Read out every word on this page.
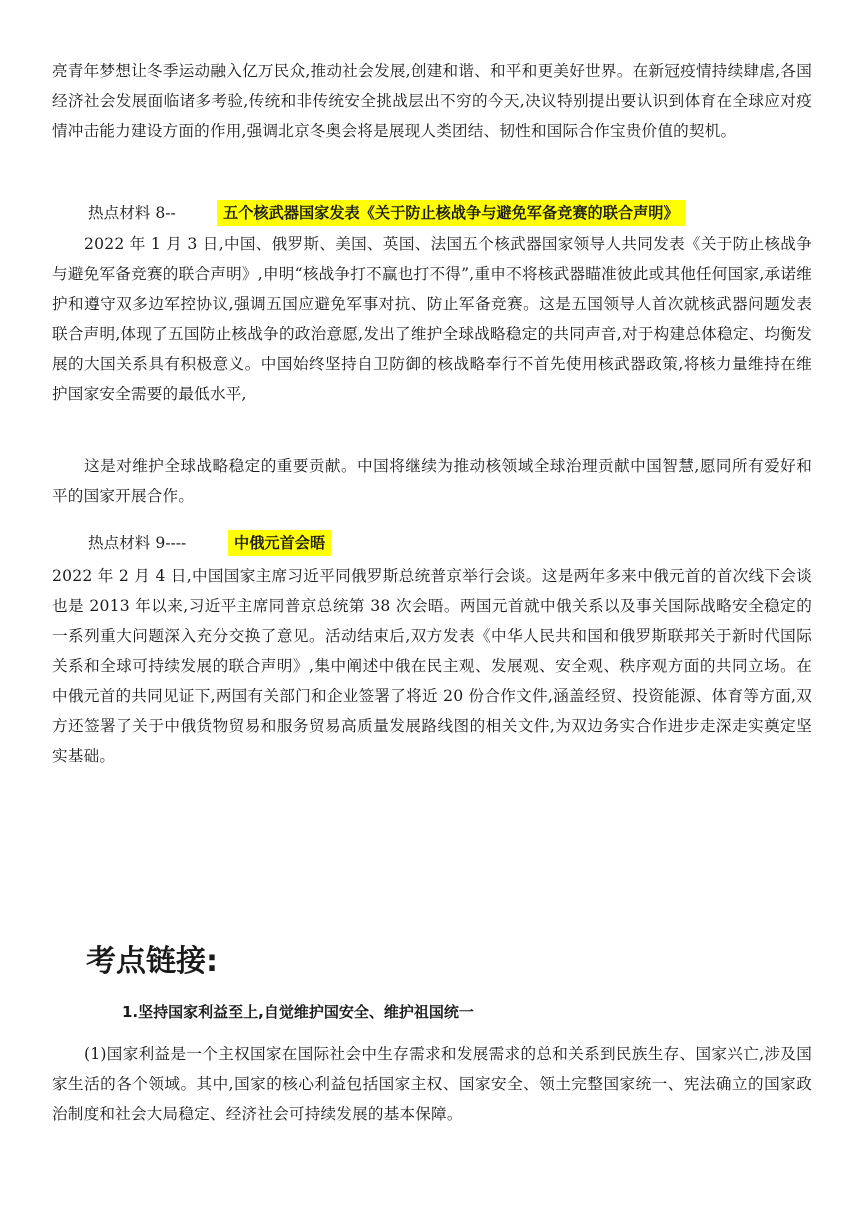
亮青年梦想让冬季运动融入亿万民众,推动社会发展,创建和谐、和平和更美好世界。在新冠疫情持续肆虐,各国经济社会发展面临诸多考验,传统和非传统安全挑战层出不穷的今天,决议特别提出要认识到体育在全球应对疫情冲击能力建设方面的作用,强调北京冬奥会将是展现人类团结、韧性和国际合作宝贵价值的契机。

热点材料 8--	五个核武器国家发表《关于防止核战争与避免军备竞赛的联合声明》

2022 年 1 月 3 日,中国、俄罗斯、美国、英国、法国五个核武器国家领导人共同发表《关于防止核战争与避免军备竞赛的联合声明》,申明“核战争打不赢也打不得”,重申不将核武器瞄准彼此或其他任何国家,承诺维护和遵守双多边军控协议,强调五国应避免军事对抗、防止军备竞赛。这是五国领导人首次就核武器问题发表联合声明,体现了五国防止核战争的政治意愿,发出了维护全球战略稳定的共同声音,对于构建总体稳定、均衡发展的大国关系具有积极意义。中国始终坚持自卫防御的核战略奉行不首先使用核武器政策,将核力量维持在维护国家安全需要的最低水平,

这是对维护全球战略稳定的重要贡献。中国将继续为推动核领域全球治理贡献中国智慧,愿同所有爱好和平的国家开展合作。

热点材料 9----	中俄元首会晤

2022 年 2 月 4 日,中国国家主席习近平同俄罗斯总统普京举行会谈。这是两年多来中俄元首的首次线下会谈也是 2013 年以来,习近平主席同普京总统第 38 次会晤。两国元首就中俄关系以及事关国际战略安全稳定的一系列重大问题深入充分交换了意见。活动结束后,双方发表《中华人民共和国和俄罗斯联邦关于新时代国际关系和全球可持续发展的联合声明》,集中阐述中俄在民主观、发展观、安全观、秩序观方面的共同立场。在中俄元首的共同见证下,两国有关部门和企业签署了将近 20 份合作文件,涵盖经贸、投资能源、体育等方面,双方还签署了关于中俄货物贸易和服务贸易高质量发展路线图的相关文件,为双边务实合作进步走深走实奠定坚实基础。

考点链接:
1.坚持国家利益至上,自觉维护国安全、维护祖国统一

(1)国家利益是一个主权国家在国际社会中生存需求和发展需求的总和关系到民族生存、国家兴亡,涉及国家生活的各个领域。其中,国家的核心利益包括国家主权、国家安全、领土完整国家统一、宪法确立的国家政治制度和社会大局稳定、经济社会可持续发展的基本保障。
